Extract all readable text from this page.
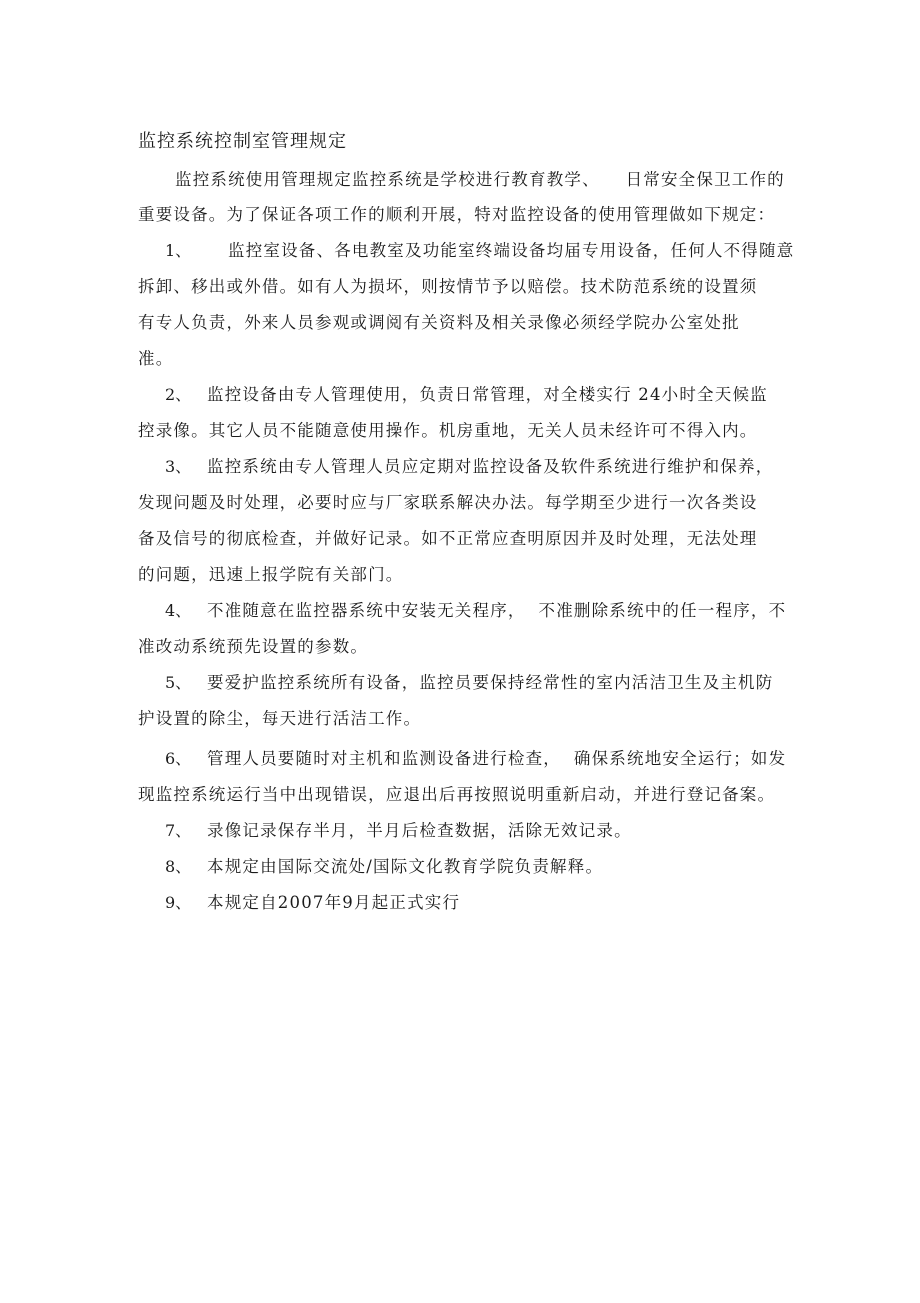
监控系统控制室管理规定
监控系统使用管理规定监控系统是学校进行教育教学、    日常安全保卫工作的
重要设备。为了保证各项工作的顺利开展，特对监控设备的使用管理做如下规定：
1、 监控室设备、各电教室及功能室终端设备均届专用设备，任何人不得随意
拆卸、移出或外借。如有人为损坏，则按情节予以赔偿。技术防范系统的设置须
有专人负责，外来人员参观或调阅有关资料及相关录像必须经学院办公室处批
准。
2、 监控设备由专人管理使用，负责日常管理，对全楼实行 24小时全天候监
控录像。其它人员不能随意使用操作。机房重地，无关人员未经许可不得入内。
3、 监控系统由专人管理人员应定期对监控设备及软件系统进行维护和保养，
发现问题及时处理，必要时应与厂家联系解决办法。每学期至少进行一次各类设
备及信号的彻底检查，并做好记录。如不正常应查明原因并及时处理，无法处理
的问题，迅速上报学院有关部门。
4、 不准随意在监控器系统中安装无关程序，  不准删除系统中的任一程序，不
准改动系统预先设置的参数。
5、 要爱护监控系统所有设备，监控员要保持经常性的室内活洁卫生及主机防
护设置的除尘，每天进行活洁工作。
6、 管理人员要随时对主机和监测设备进行检查，  确保系统地安全运行；如发
现监控系统运行当中出现错误，应退出后再按照说明重新启动，并进行登记备案。
7、 录像记录保存半月，半月后检查数据，活除无效记录。
8、 本规定由国际交流处/国际文化教育学院负责解释。
9、 本规定自2007年9月起正式实行
